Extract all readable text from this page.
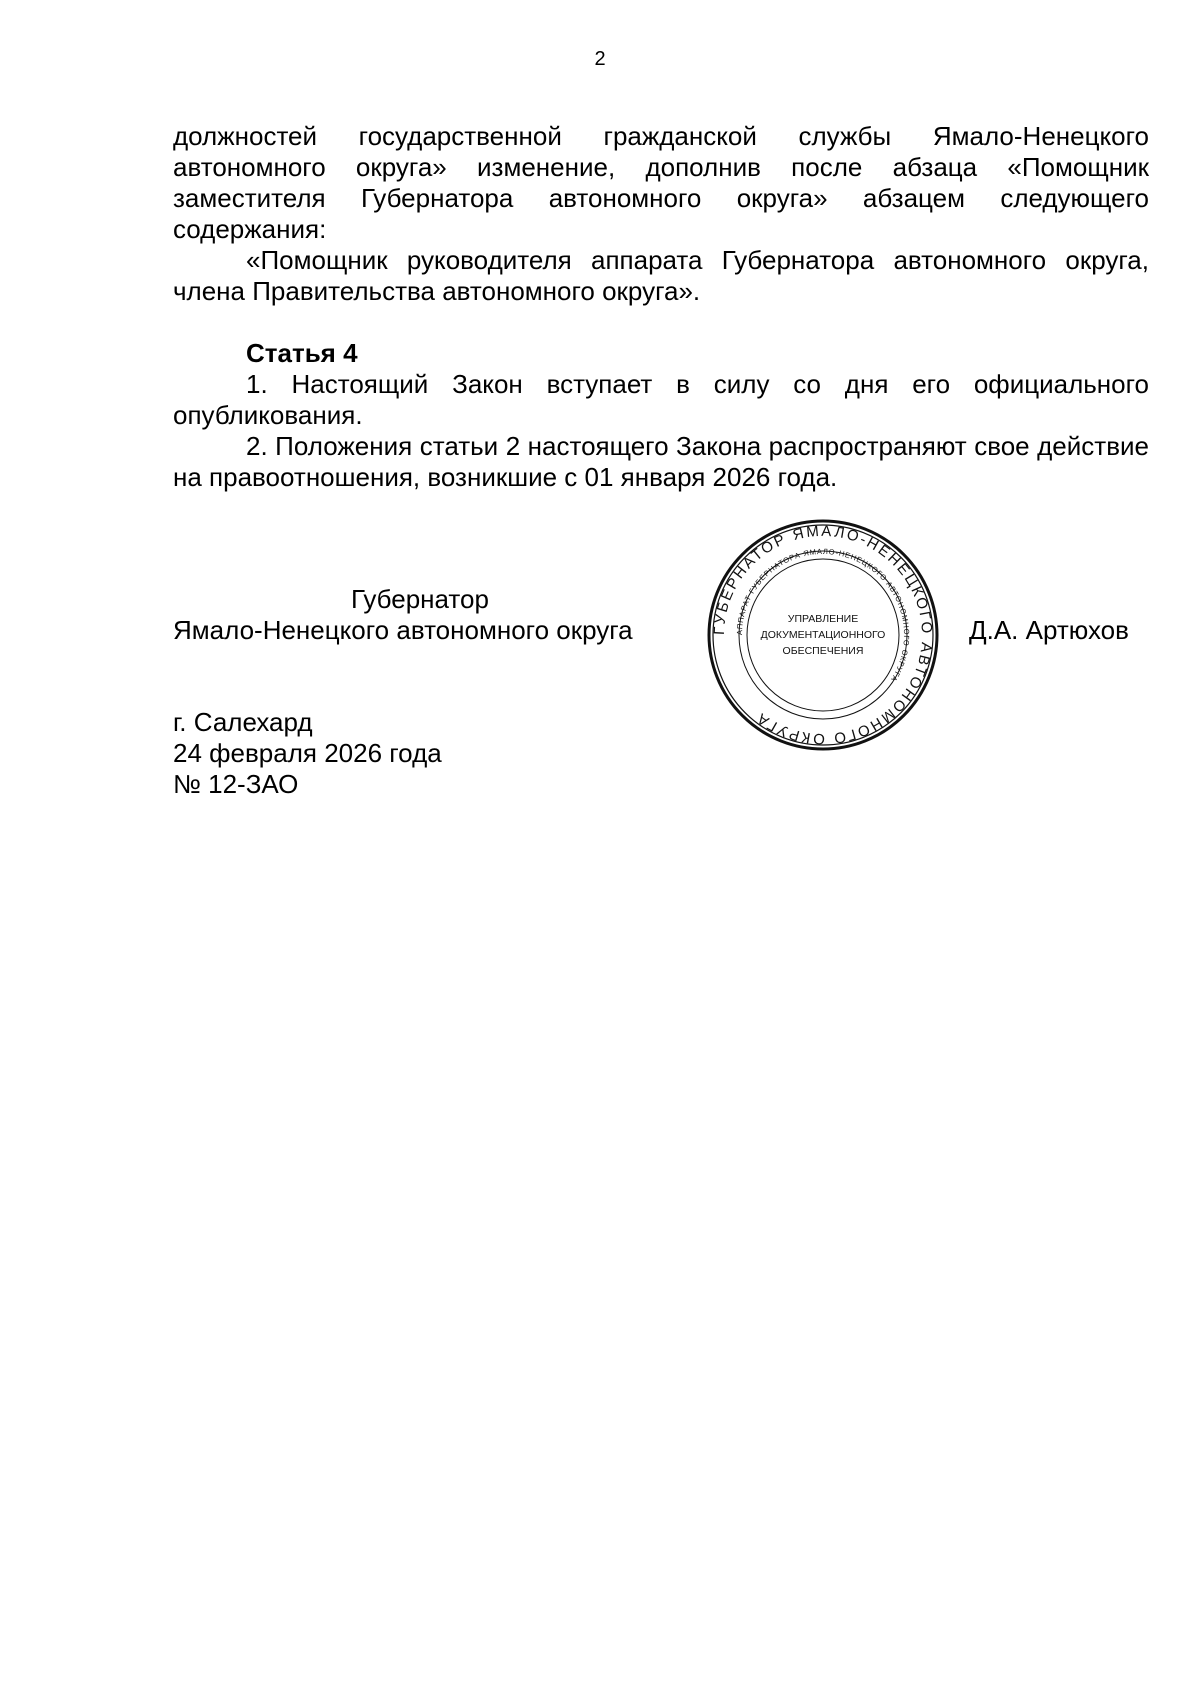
2

должностей государственной гражданской службы Ямало-Ненецкого автономного округа» изменение, дополнив после абзаца «Помощник заместителя Губернатора автономного округа» абзацем следующего содержания:

«Помощник руководителя аппарата Губернатора автономного округа, члена Правительства автономного округа».

Статья 4

1. Настоящий Закон вступает в силу со дня его официального опубликования.

2. Положения статьи 2 настоящего Закона распространяют свое действие на правоотношения, возникшие с 01 января 2026 года.

Губернатор
Ямало-Ненецкого автономного округа	Д.А. Артюхов
ГУБЕРНАТОР ЯМАЛО-НЕНЕЦКОГО АВТОНОМНОГО ОКРУГА
АППАРАТ ГУБЕРНАТОРА ЯМАЛО-НЕНЕЦКОГО АВТОНОМНОГО ОКРУГА
УПРАВЛЕНИЕ
ДОКУМЕНТАЦИОННОГО
ОБЕСПЕЧЕНИЯ
г. Салехард
24 февраля 2026 года
№ 12-ЗАО
